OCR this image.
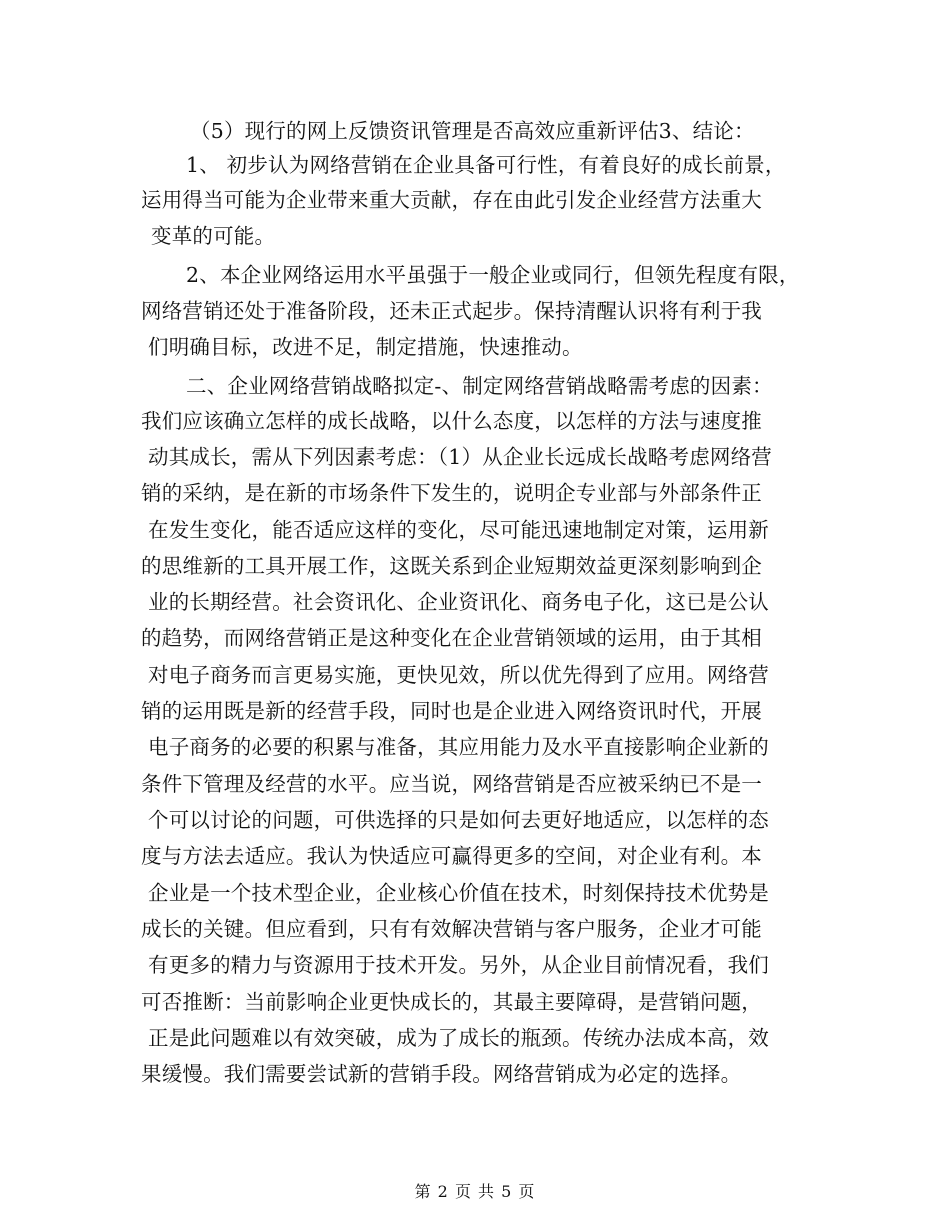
（5）现行的网上反馈资讯管理是否高效应重新评估3、结论：
1、 初步认为网络营销在企业具备可行性，有着良好的成长前景，
运用得当可能为企业带来重大贡献，存在由此引发企业经营方法重大
变革的可能。
2、本企业网络运用水平虽强于一般企业或同行，但领先程度有限，
网络营销还处于准备阶段，还未正式起步。保持清醒认识将有利于我
们明确目标，改进不足，制定措施，快速推动。
二、企业网络营销战略拟定-、制定网络营销战略需考虑的因素：
我们应该确立怎样的成长战略，以什么态度，以怎样的方法与速度推
动其成长，需从下列因素考虑：（1）从企业长远成长战略考虑网络营
销的采纳，是在新的市场条件下发生的，说明企专业部与外部条件正
在发生变化，能否适应这样的变化，尽可能迅速地制定对策，运用新
的思维新的工具开展工作，这既关系到企业短期效益更深刻影响到企
业的长期经营。社会资讯化、企业资讯化、商务电子化，这已是公认
的趋势，而网络营销正是这种变化在企业营销领域的运用，由于其相
对电子商务而言更易实施，更快见效，所以优先得到了应用。网络营
销的运用既是新的经营手段，同时也是企业进入网络资讯时代，开展
电子商务的必要的积累与准备，其应用能力及水平直接影响企业新的
条件下管理及经营的水平。应当说，网络营销是否应被采纳已不是一
个可以讨论的问题，可供选择的只是如何去更好地适应，以怎样的态
度与方法去适应。我认为快适应可赢得更多的空间，对企业有利。本
企业是一个技术型企业，企业核心价值在技术，时刻保持技术优势是
成长的关键。但应看到，只有有效解决营销与客户服务，企业才可能
有更多的精力与资源用于技术开发。另外，从企业目前情况看，我们
可否推断：当前影响企业更快成长的，其最主要障碍，是营销问题，
正是此问题难以有效突破，成为了成长的瓶颈。传统办法成本高，效
果缓慢。我们需要尝试新的营销手段。网络营销成为必定的选择。
第 2 页 共 5 页
